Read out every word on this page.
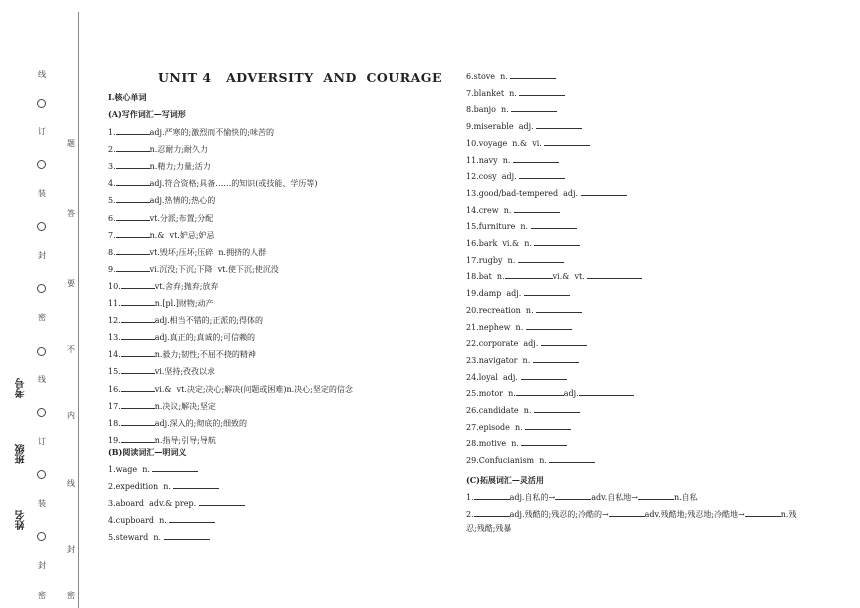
线
订
装
封
密
线
订
装
封
密
题
答
要
不
内
线
封
密
姓名
班级
考号
UNIT 4   ADVERSITY  AND  COURAGE
Ⅰ.核心单词
(A)写作词汇—写词形
(B)阅读词汇—明词义
(C)拓展词汇—灵活用
1.	adj.自私的→	adv.自私地→	n.自私
2.	adj.残酷的;残忍的;冷酷的→	adv.残酷地;残忍地;冷酷地→	n.残
忍;残酷;残暴
1.	adj.严寒的;激烈而不愉快的;味苦的
2.	n.忍耐力;耐久力
3.	n.精力;力量;活力
4.	adj.符合资格;具备……的知识(或技能、学历等)
5.	adj.热情的;热心的
6.	vt.分派;布置;分配
7.	n.&  vt.妒忌;妒忌
8.	vt.毁坏;压坏;压碎  n.拥挤的人群
9.	vi.沉没;下沉;下降  vt.使下沉;使沉没
10.	vt.舍弃;抛弃;放弃
11.	n.[pl.]财物;动产
12.	adj.相当不错的;正派的;得体的
13.	adj.真正的;真诚的;可信赖的
14.	n.毅力;韧性;不屈不挠的精神
15.	vi.坚持;孜孜以求
16.	vi.&  vt.决定;决心;解决(问题或困难)n.决心;坚定的信念
17.	n.决议;解决;坚定
18.	adj.深入的;彻底的;细致的
19.	n.指导;引导;导航
1.wage  n.
2.expedition  n.
3.aboard  adv.& prep.
4.cupboard  n.
5.steward  n.
6.stove  n.
7.blanket  n.
8.banjo  n.
9.miserable  adj.
10.voyage  n.&  vi.
11.navy  n.
12.cosy  adj.
13.good/bad-tempered  adj.
14.crew  n.
15.furniture  n.
16.bark  vi.&  n.
17.rugby  n.
18.bat  n.	vi.&  vt.
19.damp  adj.
20.recreation  n.
21.nephew  n.
22.corporate  adj.
23.navigator  n.
24.loyal  adj.
25.motor  n.	adj.
26.candidate  n.
27.episode  n.
28.motive  n.
29.Confucianism  n.
